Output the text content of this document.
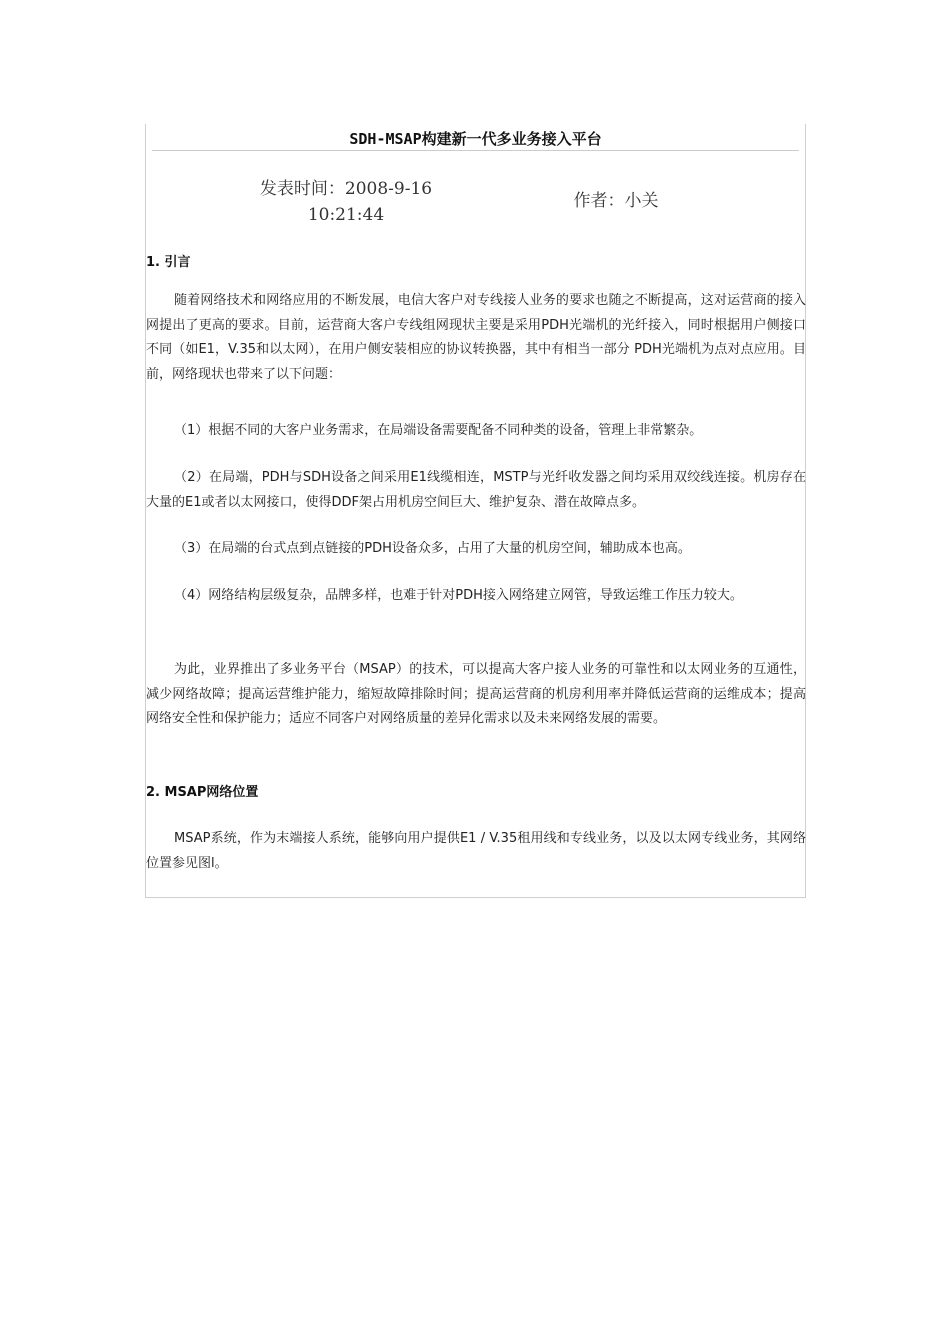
SDH-MSAP构建新一代多业务接入平台
发表时间：2008-9-16
10:21:44
作者：小关
1. 引言
随着网络技术和网络应用的不断发展，电信大客户对专线接人业务的要求也随之不断提高，这对运营商的接入网提出了更高的要求。目前，运营商大客户专线组网现状主要是采用PDH光端机的光纤接入，同时根据用户侧接口不同（如E1，V.35和以太网），在用户侧安装相应的协议转换器，其中有相当一部分 PDH光端机为点对点应用。目前，网络现状也带来了以下问题：
（1）根据不同的大客户业务需求，在局端设备需要配备不同种类的设备，管理上非常繁杂。
（2）在局端，PDH与SDH设备之间采用E1线缆相连，MSTP与光纤收发器之间均采用双绞线连接。机房存在大量的E1或者以太网接口，使得DDF架占用机房空间巨大、维护复杂、潜在故障点多。
（3）在局端的台式点到点链接的PDH设备众多，占用了大量的机房空间，辅助成本也高。
（4）网络结构层级复杂，品牌多样，也难于针对PDH接入网络建立网管，导致运维工作压力较大。
为此，业界推出了多业务平台（MSAP）的技术，可以提高大客户接人业务的可靠性和以太网业务的互通性，减少网络故障；提高运营维护能力，缩短故障排除时间；提高运营商的机房利用率并降低运营商的运维成本；提高网络安全性和保护能力；适应不同客户对网络质量的差异化需求以及未来网络发展的需要。
2. MSAP网络位置
MSAP系统，作为末端接人系统，能够向用户提供E1 / V.35租用线和专线业务，以及以太网专线业务，其网络位置参见图l。
